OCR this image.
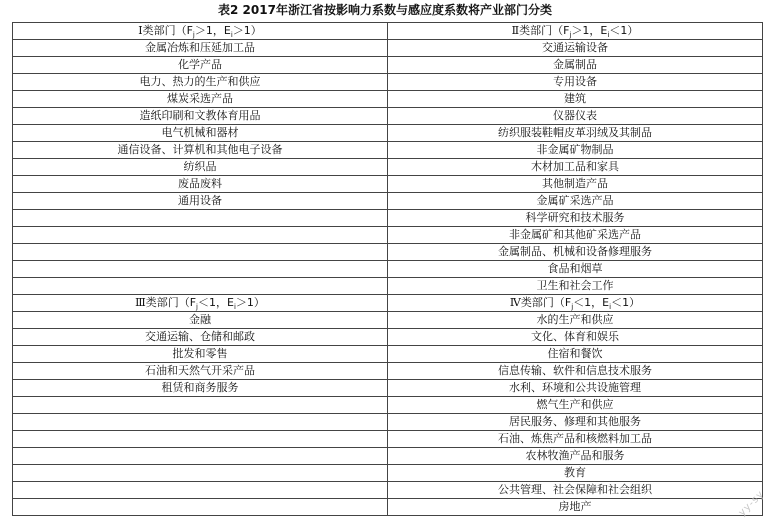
表2 2017年浙江省按影响力系数与感应度系数将产业部门分类
Ⅰ类部门（$F_j>1$，$E_i>1$）	Ⅱ类部门（$F_j>1$，$E_i<1$）
金属冶炼和压延加工品	交通运输设备
化学产品	金属制品
电力、热力的生产和供应	专用设备
煤炭采选产品	建筑
造纸印刷和文教体育用品	仪器仪表
电气机械和器材	纺织服装鞋帽皮革羽绒及其制品
通信设备、计算机和其他电子设备	非金属矿物制品
纺织品	木材加工品和家具
废品废料	其他制造产品
通用设备	金属矿采选产品
	科学研究和技术服务
	非金属矿和其他矿采选产品
	金属制品、机械和设备修理服务
	食品和烟草
	卫生和社会工作
Ⅲ类部门（$F_j<1$，$E_i>1$）	Ⅳ类部门（$F_j<1$，$E_i<1$）
金融	水的生产和供应
交通运输、仓储和邮政	文化、体育和娱乐
批发和零售	住宿和餐饮
石油和天然气开采产品	信息传输、软件和信息技术服务
租赁和商务服务	水利、环境和公共设施管理
	燃气生产和供应
	居民服务、修理和其他服务
	石油、炼焦产品和核燃料加工品
	农林牧渔产品和服务
	教育
	公共管理、社会保障和社会组织
	房地产	yy-sy
